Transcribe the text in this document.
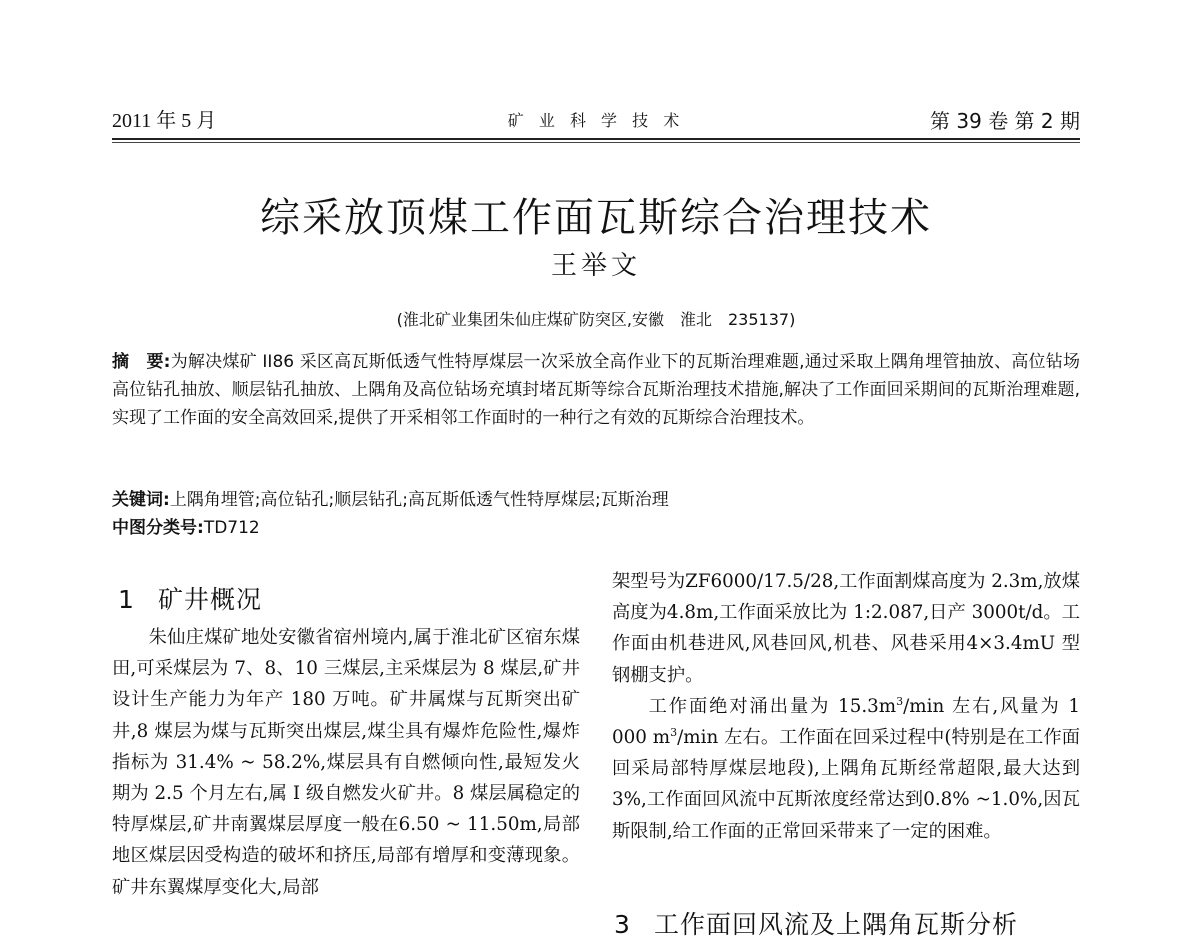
2011 年 5 月	矿 业 科 学 技 术	第 39 卷 第 2 期
综采放顶煤工作面瓦斯综合治理技术
王举文
(淮北矿业集团朱仙庄煤矿防突区,安徽　淮北　235137)

摘　要:为解决煤矿 II86 采区高瓦斯低透气性特厚煤层一次采放全高作业下的瓦斯治理难题,通过采取上隅角埋管抽放、高位钻场高位钻孔抽放、顺层钻孔抽放、上隅角及高位钻场充填封堵瓦斯等综合瓦斯治理技术措施,解决了工作面回采期间的瓦斯治理难题,实现了工作面的安全高效回采,提供了开采相邻工作面时的一种行之有效的瓦斯综合治理技术。

关键词:上隅角埋管;高位钻孔;顺层钻孔;高瓦斯低透气性特厚煤层;瓦斯治理
中图分类号:TD712
1 矿井概况

朱仙庄煤矿地处安徽省宿州境内,属于淮北矿区宿东煤田,可采煤层为 7、8、10 三煤层,主采煤层为 8 煤层,矿井设计生产能力为年产 180 万吨。矿井属煤与瓦斯突出矿井,8 煤层为煤与瓦斯突出煤层,煤尘具有爆炸危险性,爆炸指标为 31.4% ~ 58.2%,煤层具有自燃倾向性,最短发火期为 2.5 个月左右,属 I 级自燃发火矿井。8 煤层属稳定的特厚煤层,矿井南翼煤层厚度一般在6.50 ~ 11.50m,局部地区煤层因受构造的破坏和挤压,局部有增厚和变薄现象。矿井东翼煤厚变化大,局部

架型号为ZF6000/17.5/28,工作面割煤高度为 2.3m,放煤高度为4.8m,工作面采放比为 1:2.087,日产 3000t/d。工作面由机巷进风,风巷回风,机巷、风巷采用4×3.4mU 型钢棚支护。

工作面绝对涌出量为 $15.3m^3/\min$ 左右,风量为 1 000 $m^3/\min$ 左右。工作面在回采过程中(特别是在工作面回采局部特厚煤层地段),上隅角瓦斯经常超限,最大达到 3%,工作面回风流中瓦斯浓度经常达到0.8% ~1.0%,因瓦斯限制,给工作面的正常回采带来了一定的困难。

3 工作面回风流及上隅角瓦斯分析
